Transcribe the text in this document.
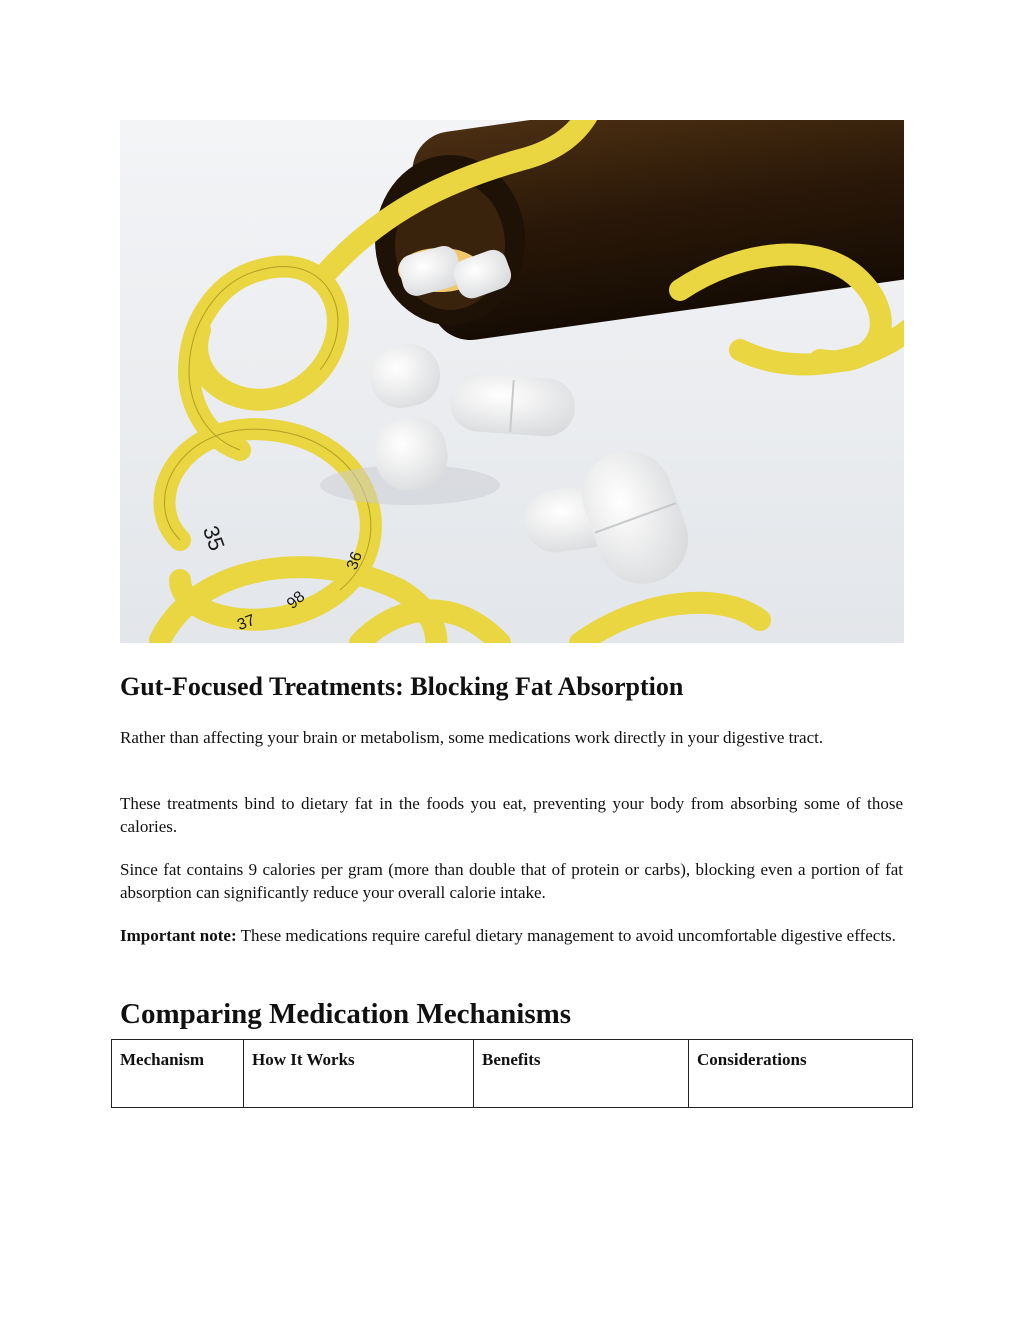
35
36
37
98
Gut-Focused Treatments: Blocking Fat Absorption

Rather than affecting your brain or metabolism, some medications work directly in your digestive tract.

These treatments bind to dietary fat in the foods you eat, preventing your body from absorbing some of those calories.

Since fat contains 9 calories per gram (more than double that of protein or carbs), blocking even a portion of fat absorption can significantly reduce your overall calorie intake.

Important note: These medications require careful dietary management to avoid uncomfortable digestive effects.

Comparing Medication Mechanisms
Mechanism	How It Works	Benefits	Considerations
